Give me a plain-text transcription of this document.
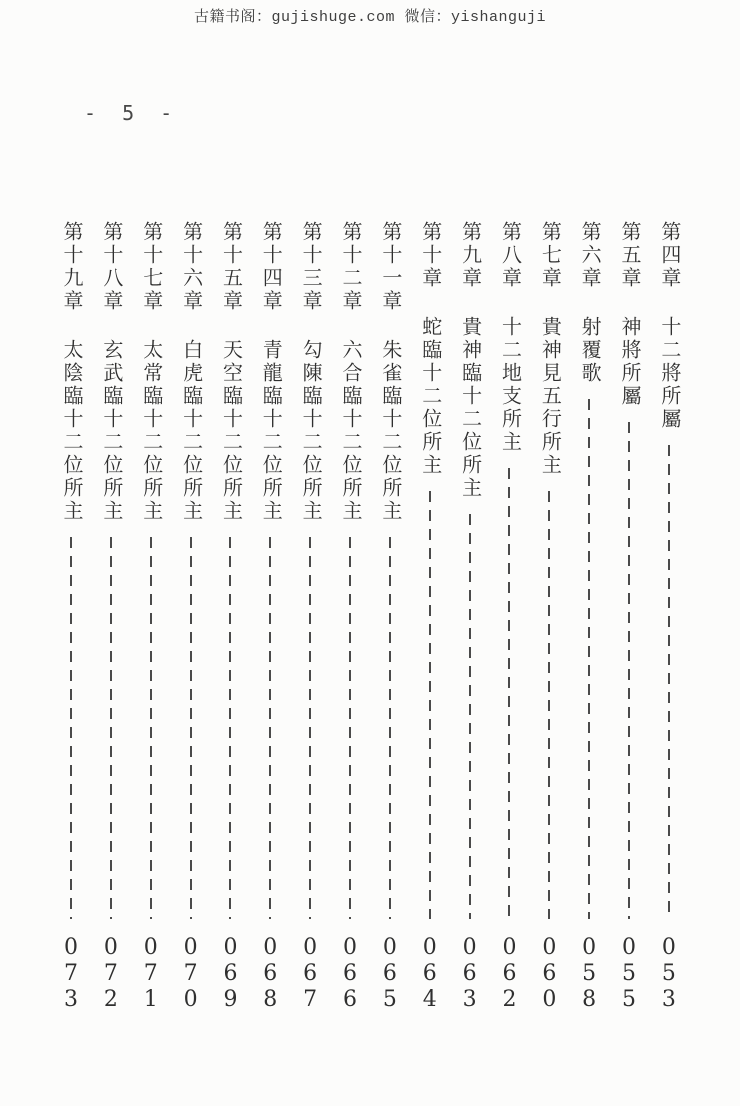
古籍书阁：gujishuge.com 微信：yishanguji
- 5 -
第四章
十二將所屬
053
第五章
神將所屬
055
第六章
射覆歌
058
第七章
貴神見五行所主
060
第八章
十二地支所主
062
第九章
貴神臨十二位所主
063
第十章
蛇臨十二位所主
064
第十一章
朱雀臨十二位所主
065
第十二章
六合臨十二位所主
066
第十三章
勾陳臨十二位所主
067
第十四章
青龍臨十二位所主
068
第十五章
天空臨十二位所主
069
第十六章
白虎臨十二位所主
070
第十七章
太常臨十二位所主
071
第十八章
玄武臨十二位所主
072
第十九章
太陰臨十二位所主
073
